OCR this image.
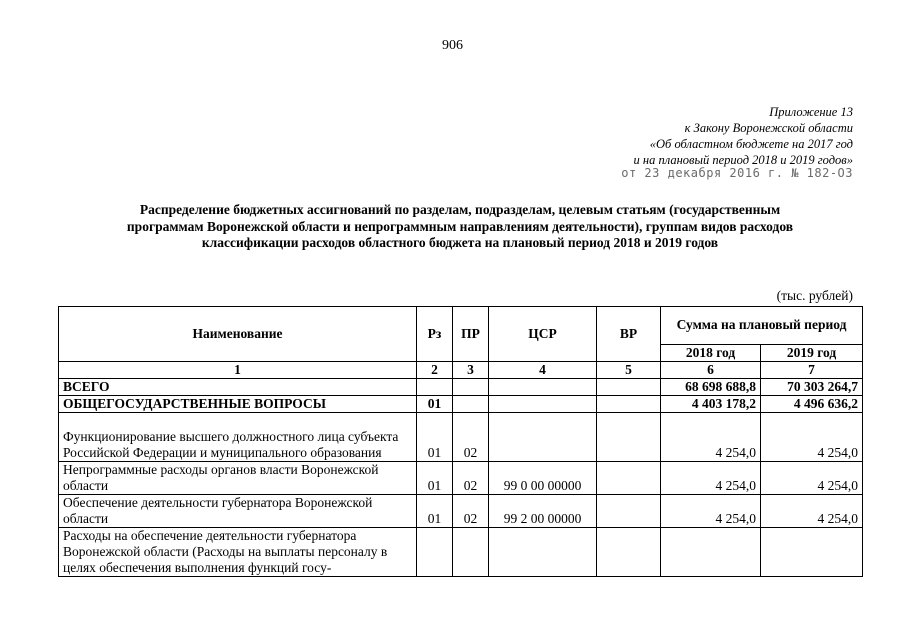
906
Приложение 13
к Закону Воронежской области
«Об областном бюджете на 2017 год
и на плановый период 2018 и 2019 годов»
от 23 декабря 2016 г. № 182-ОЗ
Распределение бюджетных ассигнований по разделам, подразделам, целевым статьям (государственным
программам Воронежской области и непрограммным направлениям деятельности), группам видов расходов
классификации расходов областного бюджета на плановый период 2018 и 2019 годов
(тыс. рублей)
Наименование	Рз	ПР	ЦСР	ВР	Сумма на плановый период	
					2018 год	2019 год
1	2	3	4	5	6	7
ВСЕГО					68 698 688,8	70 303 264,7
ОБЩЕГОСУДАРСТВЕННЫЕ ВОПРОСЫ	01				4 403 178,2	4 496 636,2
Функционирование высшего должностного лица субъекта Российской Федерации и муниципального образования	01	02			4 254,0	4 254,0
Непрограммные расходы органов власти Воронежской области	01	02	99 0 00 00000		4 254,0	4 254,0
Обеспечение деятельности губернатора Воронежской области	01	02	99 2 00 00000		4 254,0	4 254,0
Расходы на обеспечение деятельности губернатора Воронежской области (Расходы на выплаты персоналу в целях обеспечения выполнения функций госу-						
